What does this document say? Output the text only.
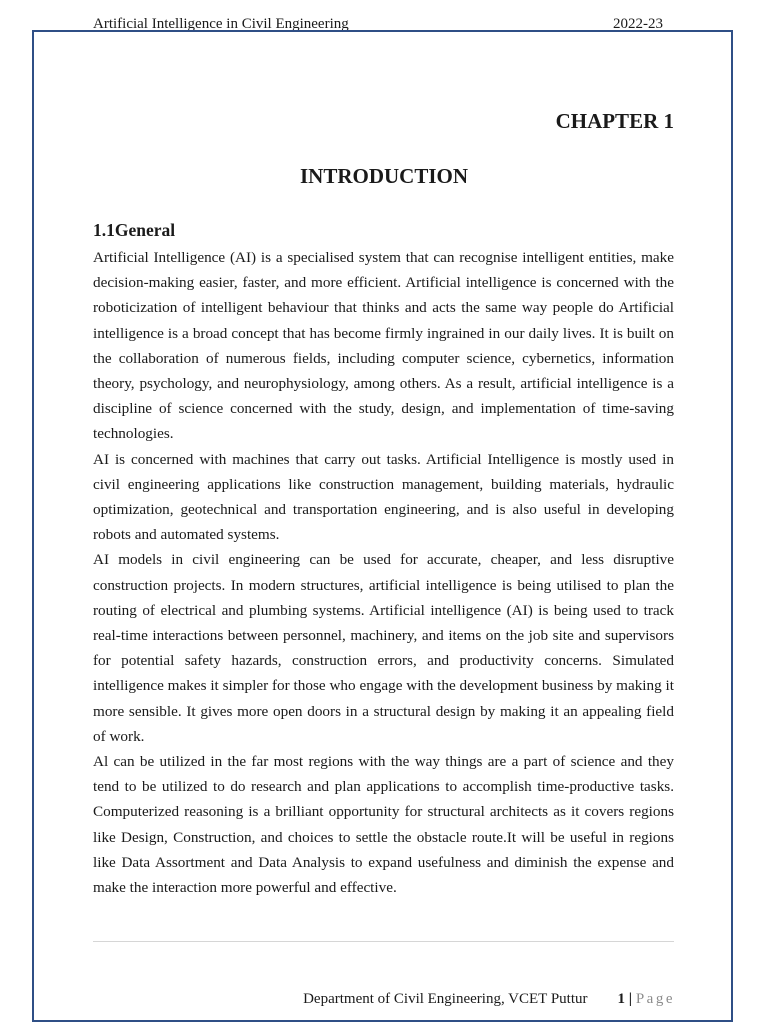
Artificial Intelligence in Civil Engineering	2022-23
CHAPTER 1
INTRODUCTION
1.1General

Artificial Intelligence (AI) is a specialised system that can recognise intelligent entities, make decision-making easier, faster, and more efficient. Artificial intelligence is concerned with the roboticization of intelligent behaviour that thinks and acts the same way people do Artificial intelligence is a broad concept that has become firmly ingrained in our daily lives. It is built on the collaboration of numerous fields, including computer science, cybernetics, information theory, psychology, and neurophysiology, among others. As a result, artificial intelligence is a discipline of science concerned with the study, design, and implementation of time-saving technologies.

AI is concerned with machines that carry out tasks. Artificial Intelligence is mostly used in civil engineering applications like construction management, building materials, hydraulic optimization, geotechnical and transportation engineering, and is also useful in developing robots and automated systems.

AI models in civil engineering can be used for accurate, cheaper, and less disruptive construction projects. In modern structures, artificial intelligence is being utilised to plan the routing of electrical and plumbing systems. Artificial intelligence (AI) is being used to track real-time interactions between personnel, machinery, and items on the job site and supervisors for potential safety hazards, construction errors, and productivity concerns. Simulated intelligence makes it simpler for those who engage with the development business by making it more sensible. It gives more open doors in a structural design by making it an appealing field of work.

Al can be utilized in the far most regions with the way things are a part of science and they tend to be utilized to do research and plan applications to accomplish time-productive tasks. Computerized reasoning is a brilliant opportunity for structural architects as it covers regions like Design, Construction, and choices to settle the obstacle route.It will be useful in regions like Data Assortment and Data Analysis to expand usefulness and diminish the expense and make the interaction more powerful and effective.

Department of Civil Engineering, VCET Puttur 1 | Page
